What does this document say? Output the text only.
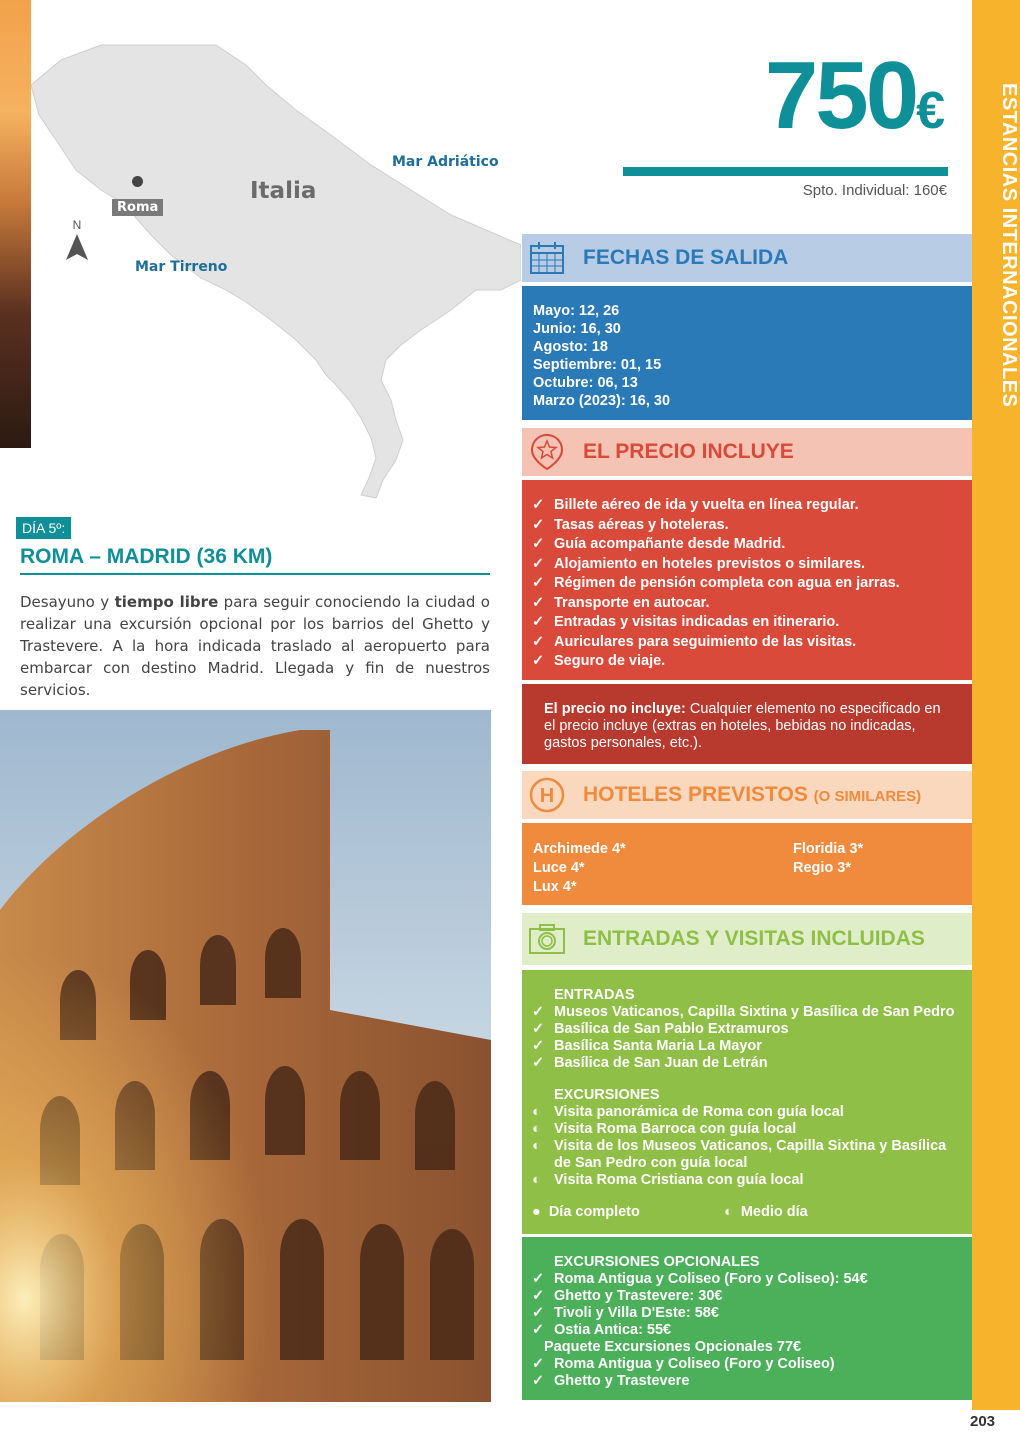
Roma
Italia
Mar Adriático
Mar Tirreno
N
750€
Spto. Individual: 160€	ESTANCIAS INTERNACIONALES
203
DÍA 5º:
ROMA – MADRID (36 KM)
Desayuno y tiempo libre para seguir conociendo la ciudad o realizar una excursión opcional por los barrios del Ghetto y Trastevere. A la hora indicada traslado al aeropuerto para embarcar con destino Madrid. Llegada y fin de nuestros servicios.
FECHAS DE SALIDA
Mayo: 12, 26
Junio: 16, 30
Agosto: 18
Septiembre: 01, 15
Octubre: 06, 13
Marzo (2023): 16, 30
EL PRECIO INCLUYE
✓ Billete aéreo de ida y vuelta en línea regular.
✓ Tasas aéreas y hoteleras.
✓ Guía acompañante desde Madrid.
✓ Alojamiento en hoteles previstos o similares.
✓ Régimen de pensión completa con agua en jarras.
✓ Transporte en autocar.
✓ Entradas y visitas indicadas en itinerario.
✓ Auriculares para seguimiento de las visitas.
✓ Seguro de viaje.
El precio no incluye: Cualquier elemento no especificado en el precio incluye (extras en hoteles, bebidas no indicadas, gastos personales, etc.).
H HOTELES PREVISTOS (O SIMILARES)
Archimede 4*
Luce 4*
Lux 4*
Floridia 3*
Regio 3*
ENTRADAS Y VISITAS INCLUIDAS
ENTRADAS
✓ Museos Vaticanos, Capilla Sixtina y Basílica de San Pedro
✓ Basílica de San Pablo Extramuros
✓ Basílica Santa Maria La Mayor
✓ Basílica de San Juan de Letrán
EXCURSIONES
◐ Visita panorámica de Roma con guía local
◐ Visita Roma Barroca con guía local
◐ Visita de los Museos Vaticanos, Capilla Sixtina y Basílica de San Pedro con guía local
◐ Visita Roma Cristiana con guía local
●  Día completo	◐  Medio día
EXCURSIONES OPCIONALES
✓ Roma Antigua y Coliseo (Foro y Coliseo): 54€
✓ Ghetto y Trastevere: 30€
✓ Tivoli y Villa D'Este: 58€
✓ Ostia Antica: 55€
Paquete Excursiones Opcionales 77€
✓ Roma Antigua y Coliseo (Foro y Coliseo)
✓ Ghetto y Trastevere
